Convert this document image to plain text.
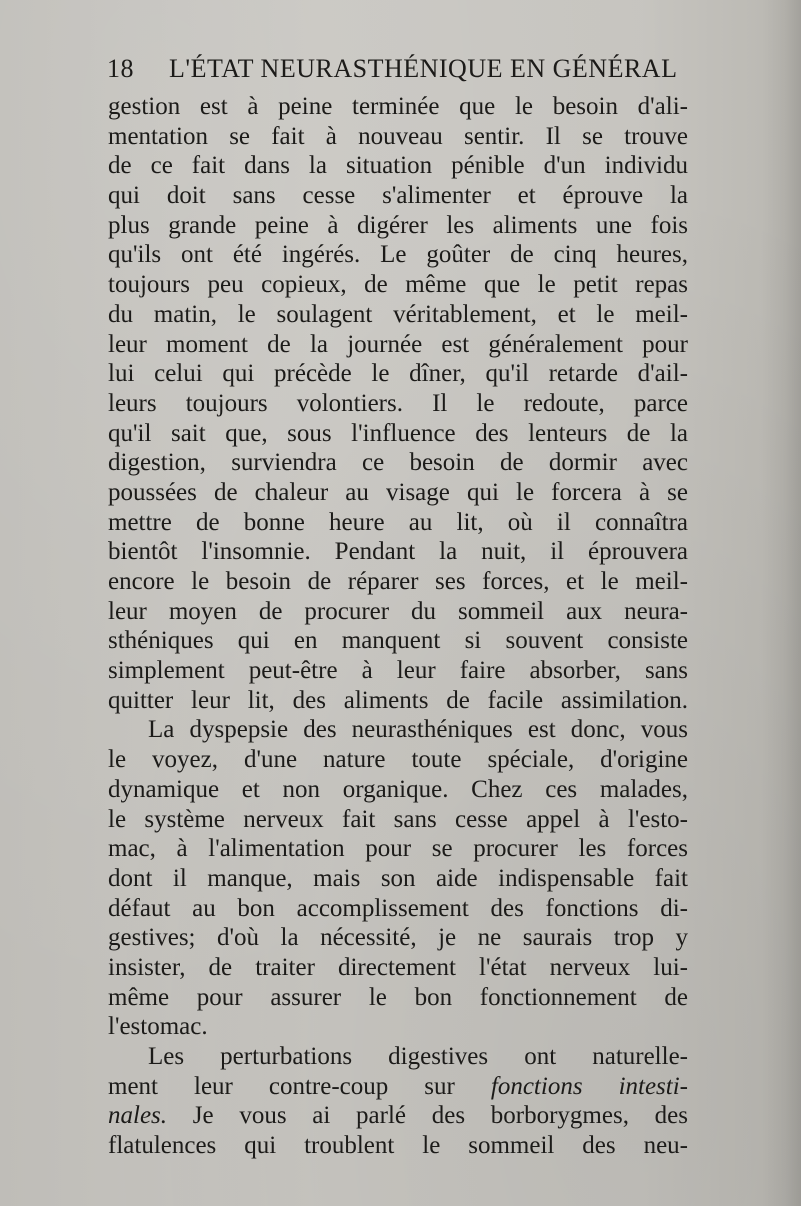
18 L'ÉTAT NEURASTHÉNIQUE EN GÉNÉRAL
gestion est à peine terminée que le besoin d'ali-
mentation se fait à nouveau sentir. Il se trouve
de ce fait dans la situation pénible d'un individu
qui doit sans cesse s'alimenter et éprouve la
plus grande peine à digérer les aliments une fois
qu'ils ont été ingérés. Le goûter de cinq heures,
toujours peu copieux, de même que le petit repas
du matin, le soulagent véritablement, et le meil-
leur moment de la journée est généralement pour
lui celui qui précède le dîner, qu'il retarde d'ail-
leurs toujours volontiers. Il le redoute, parce
qu'il sait que, sous l'influence des lenteurs de la
digestion, surviendra ce besoin de dormir avec
poussées de chaleur au visage qui le forcera à se
mettre de bonne heure au lit, où il connaîtra
bientôt l'insomnie. Pendant la nuit, il éprouvera
encore le besoin de réparer ses forces, et le meil-
leur moyen de procurer du sommeil aux neura-
sthéniques qui en manquent si souvent consiste
simplement peut-être à leur faire absorber, sans
quitter leur lit, des aliments de facile assimilation.
La dyspepsie des neurasthéniques est donc, vous
le voyez, d'une nature toute spéciale, d'origine
dynamique et non organique. Chez ces malades,
le système nerveux fait sans cesse appel à l'esto-
mac, à l'alimentation pour se procurer les forces
dont il manque, mais son aide indispensable fait
défaut au bon accomplissement des fonctions di-
gestives; d'où la nécessité, je ne saurais trop y
insister, de traiter directement l'état nerveux lui-
même pour assurer le bon fonctionnement de
l'estomac.
Les perturbations digestives ont naturelle-
ment leur contre-coup sur fonctions intesti-
nales. Je vous ai parlé des borborygmes, des
flatulences qui troublent le sommeil des neu-
